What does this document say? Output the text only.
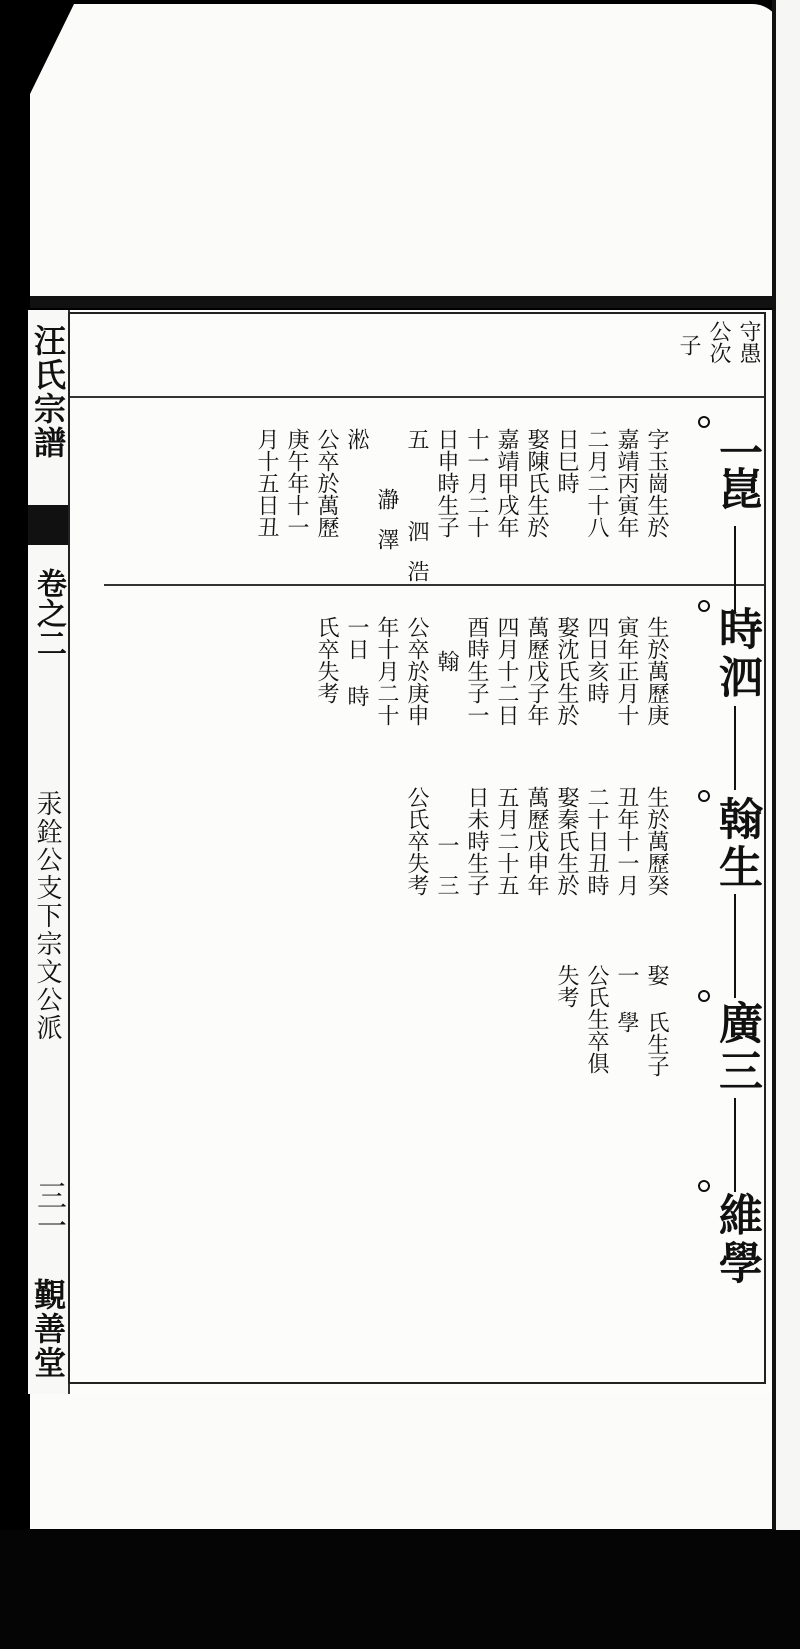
汪氏宗譜
卷之二
汞銓公支下宗文公派
三一
覲善堂
守愚
公次
子
一
崑
時泗
翰生
廣三
維學
字玉崗生於
嘉靖丙寅年
二月二十八
日巳時
娶陳氏生於
嘉靖甲戌年
十一月二十
日申時生子
五
淞
公卒於萬歷
庚午年十一
月十五日丑	泗
浩
澤
瀞
生於萬歷庚
寅年正月十
四日亥時
娶沈氏生於
萬歷戊子年
四月十二日
酉時生子一
翰
公卒於庚申
年十月二十
一日 時
氏卒失考
生於萬歷癸
丑年十一月
二十日丑時
娶秦氏生於
萬歷戊申年
五月二十五
日未時生子
公氏卒失考 一
三
娶 氏生子
一 學
公氏生卒俱
失考
